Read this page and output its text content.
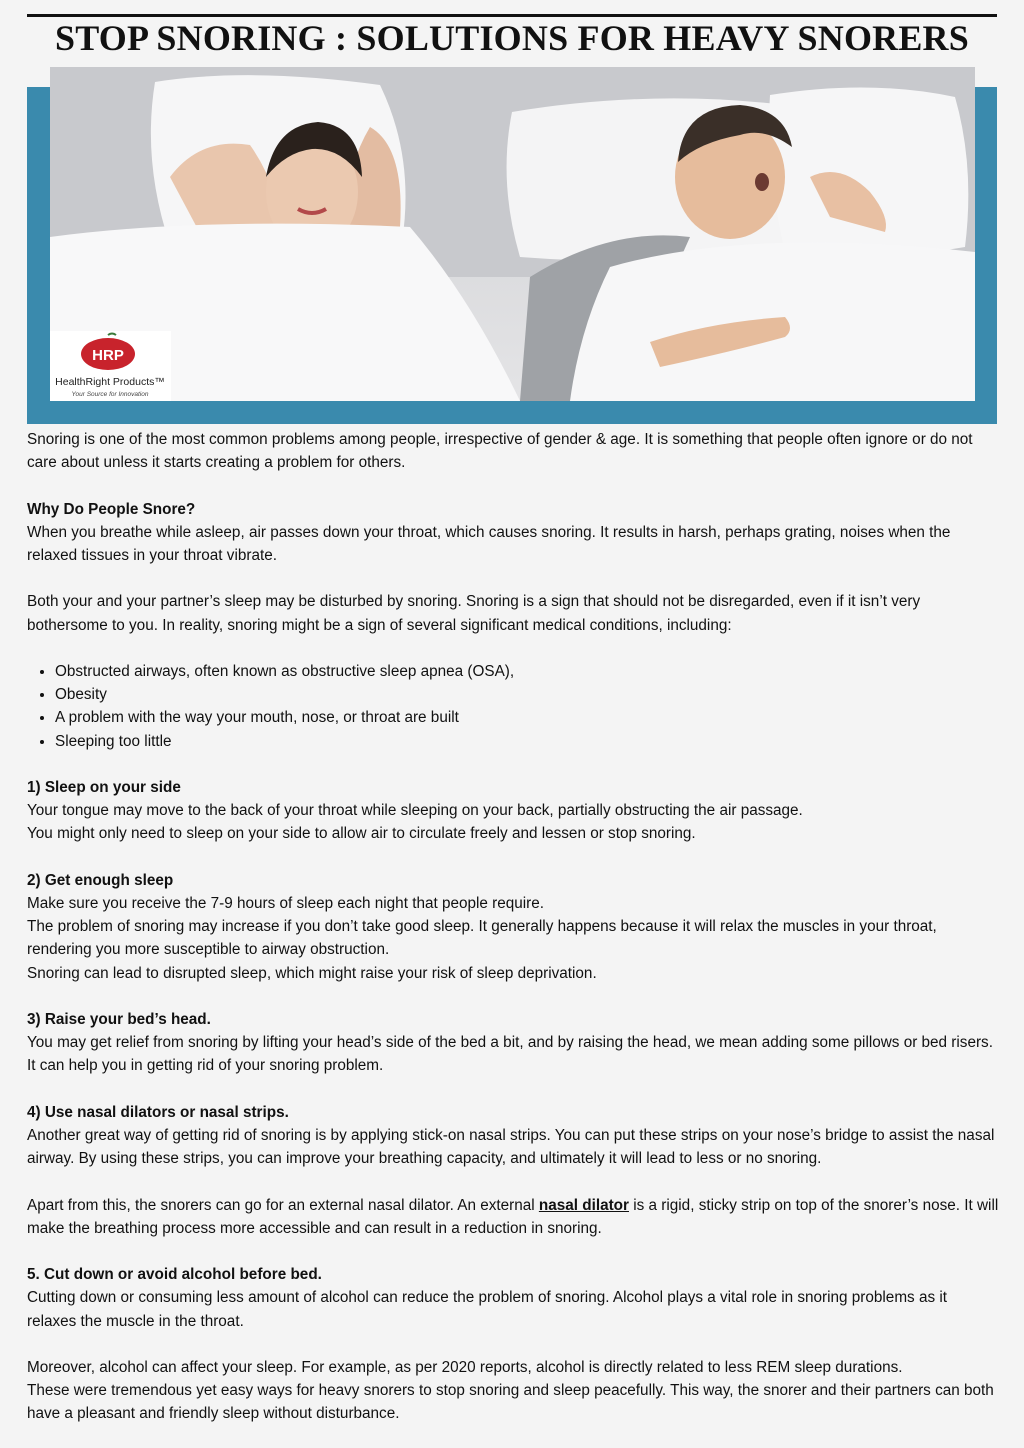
STOP SNORING : SOLUTIONS FOR HEAVY SNORERS
HRP
HealthRight Products™
Your Source for Innovation

Snoring is one of the most common problems among people, irrespective of gender & age. It is something that people often ignore or do not care about unless it starts creating a problem for others.

Why Do People Snore?

When you breathe while asleep, air passes down your throat, which causes snoring. It results in harsh, perhaps grating, noises when the relaxed tissues in your throat vibrate.

Both your and your partner’s sleep may be disturbed by snoring. Snoring is a sign that should not be disregarded, even if it isn’t very bothersome to you. In reality, snoring might be a sign of several significant medical conditions, including:

• Obstructed airways, often known as obstructive sleep apnea (OSA),
• Obesity
• A problem with the way your mouth, nose, or throat are built
• Sleeping too little

1) Sleep on your side

Your tongue may move to the back of your throat while sleeping on your back, partially obstructing the air passage.

You might only need to sleep on your side to allow air to circulate freely and lessen or stop snoring.

2) Get enough sleep

Make sure you receive the 7-9 hours of sleep each night that people require.

The problem of snoring may increase if you don’t take good sleep. It generally happens because it will relax the muscles in your throat, rendering you more susceptible to airway obstruction.

Snoring can lead to disrupted sleep, which might raise your risk of sleep deprivation.

3) Raise your bed’s head.

You may get relief from snoring by lifting your head’s side of the bed a bit, and by raising the head, we mean adding some pillows or bed risers. It can help you in getting rid of your snoring problem.

4) Use nasal dilators or nasal strips.

Another great way of getting rid of snoring is by applying stick-on nasal strips. You can put these strips on your nose’s bridge to assist the nasal airway. By using these strips, you can improve your breathing capacity, and ultimately it will lead to less or no snoring.

Apart from this, the snorers can go for an external nasal dilator. An external nasal dilator is a rigid, sticky strip on top of the snorer’s nose. It will make the breathing process more accessible and can result in a reduction in snoring.

5. Cut down or avoid alcohol before bed.

Cutting down or consuming less amount of alcohol can reduce the problem of snoring. Alcohol plays a vital role in snoring problems as it relaxes the muscle in the throat.

Moreover, alcohol can affect your sleep. For example, as per 2020 reports, alcohol is directly related to less REM sleep durations.

These were tremendous yet easy ways for heavy snorers to stop snoring and sleep peacefully. This way, the snorer and their partners can both have a pleasant and friendly sleep without disturbance.
